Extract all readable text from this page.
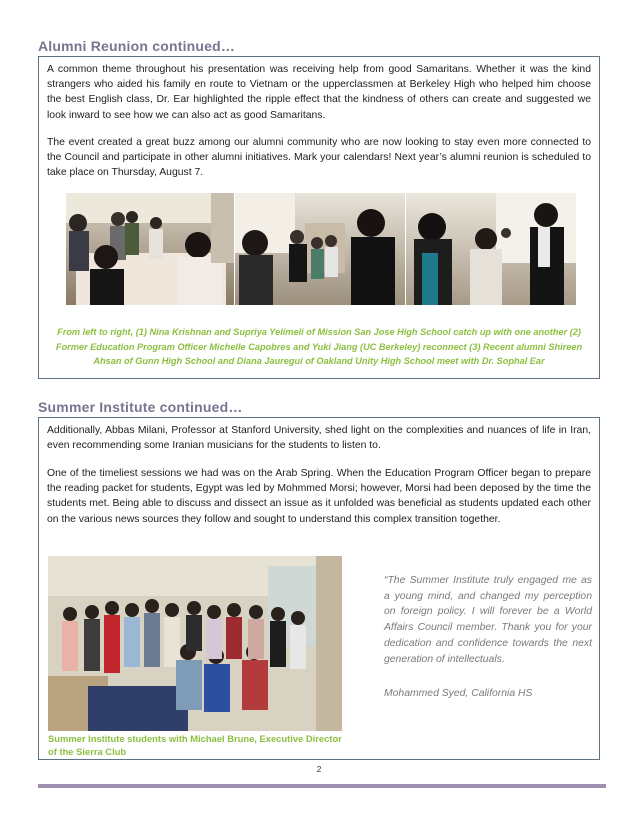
Alumni Reunion continued…
A common theme throughout his presentation was receiving help from good Samaritans. Whether it was the kind strangers who aided his family en route to Vietnam or the upperclassmen at Berkeley High who helped him choose the best English class, Dr. Ear highlighted the ripple effect that the kindness of others can create and suggested we look inward to see how we can also act as good Samaritans.
The event created a great buzz among our alumni community who are now looking to stay even more connected to the Council and participate in other alumni initiatives. Mark your calendars! Next year’s alumni reunion is scheduled to take place on Thursday, August 7.
From left to right, (1) Nina Krishnan and Supriya Yelimeli of Mission San Jose High School catch up with one another (2) Former Education Program Officer Michelle Capobres and Yuki Jiang (UC Berkeley) reconnect (3) Recent alumni Shireen Ahsan of Gunn High School and Diana Jauregui of Oakland Unity High School meet with Dr. Sophal Ear
Summer Institute continued…
Additionally, Abbas Milani, Professor at Stanford University, shed light on the complexities and nuances of life in Iran, even recommending some Iranian musicians for the students to listen to.
One of the timeliest sessions we had was on the Arab Spring. When the Education Program Officer began to prepare the reading packet for students, Egypt was led by Mohmmed Morsi; however, Morsi had been deposed by the time the students met. Being able to discuss and dissect an issue as it unfolded was beneficial as students updated each other on the various news sources they follow and sought to understand this complex transition together.
Summer Institute students with Michael Brune, Executive Director of the Sierra Club
“The Summer Institute truly engaged me as a young mind, and changed my perception on foreign policy. I will forever be a World Affairs Council member. Thank you for your dedication and confidence towards the next generation of intellectuals.
Mohammed Syed, California HS
2
